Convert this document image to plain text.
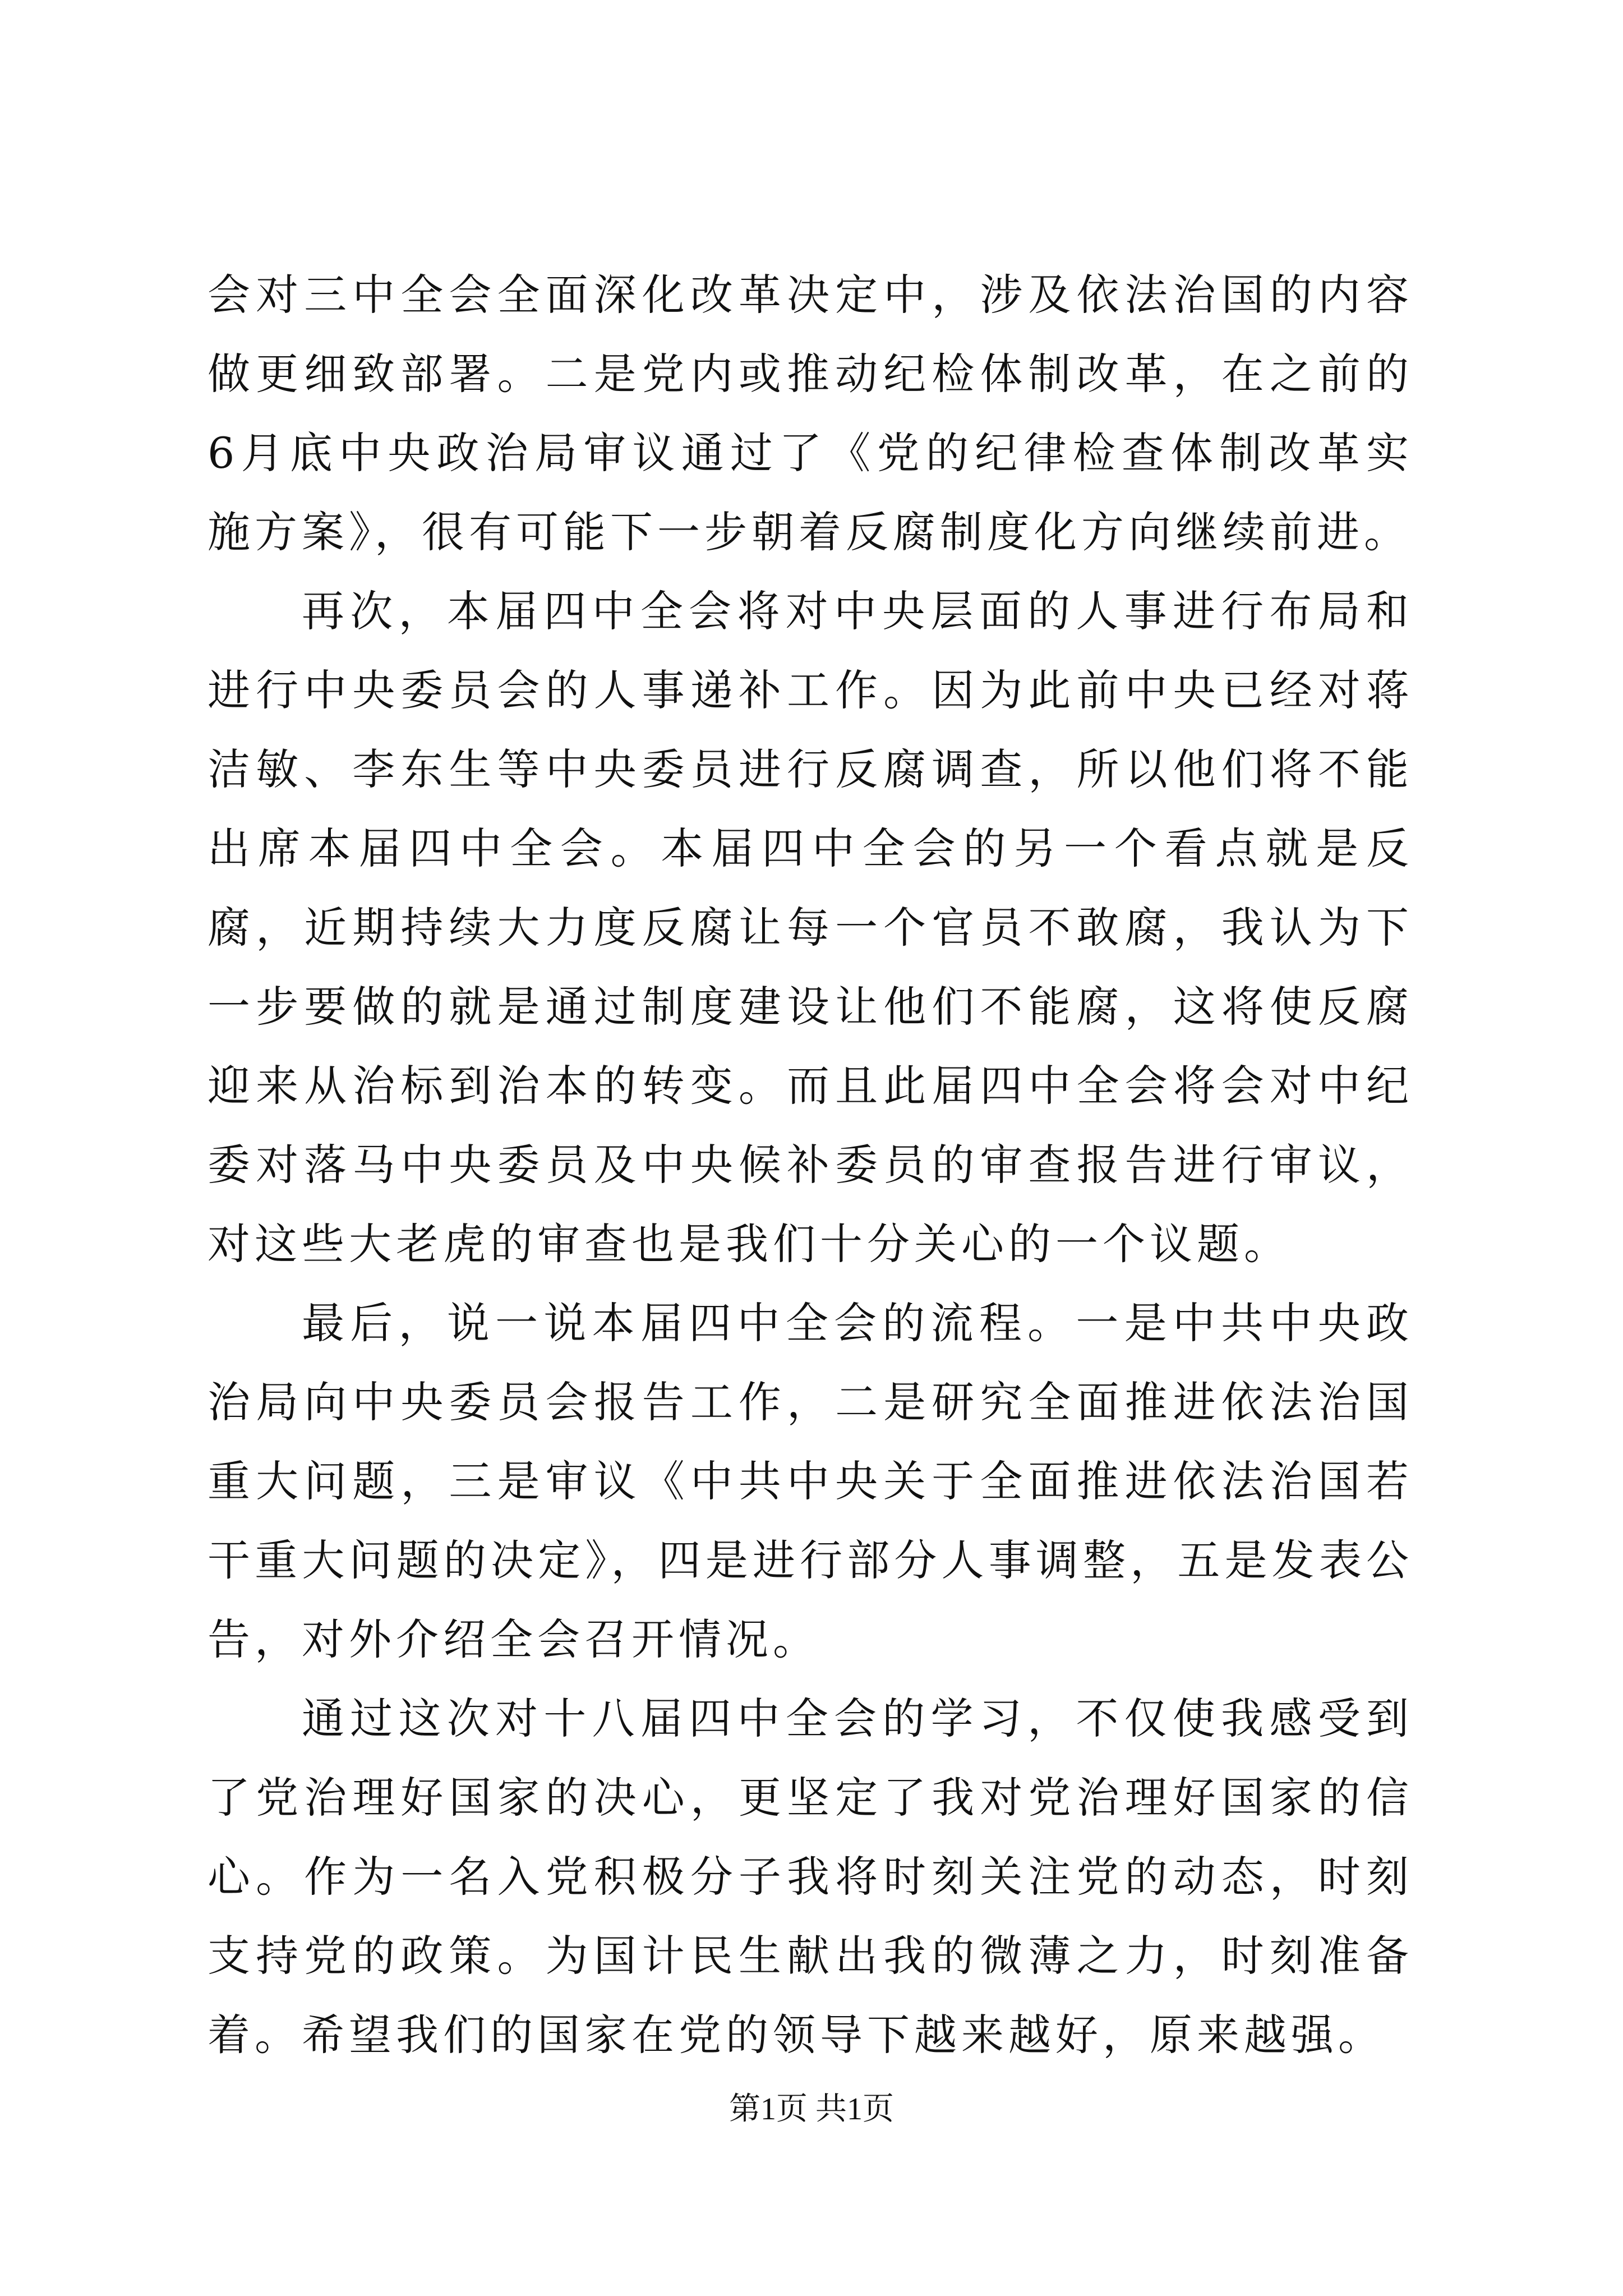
会对三中全会全面深化改革决定中，涉及依法治国的内容做更细致部署。二是党内或推动纪检体制改革，在之前的6月底中央政治局审议通过了《党的纪律检查体制改革实施方案》，很有可能下一步朝着反腐制度化方向继续前进。

再次，本届四中全会将对中央层面的人事进行布局和进行中央委员会的人事递补工作。因为此前中央已经对蒋洁敏、李东生等中央委员进行反腐调查，所以他们将不能出席本届四中全会。本届四中全会的另一个看点就是反腐，近期持续大力度反腐让每一个官员不敢腐，我认为下一步要做的就是通过制度建设让他们不能腐，这将使反腐迎来从治标到治本的转变。而且此届四中全会将会对中纪委对落马中央委员及中央候补委员的审查报告进行审议，对这些大老虎的审查也是我们十分关心的一个议题。

最后，说一说本届四中全会的流程。一是中共中央政治局向中央委员会报告工作，二是研究全面推进依法治国重大问题，三是审议《中共中央关于全面推进依法治国若干重大问题的决定》，四是进行部分人事调整，五是发表公告，对外介绍全会召开情况。

通过这次对十八届四中全会的学习，不仅使我感受到了党治理好国家的决心，更坚定了我对党治理好国家的信心。作为一名入党积极分子我将时刻关注党的动态，时刻支持党的政策。为国计民生献出我的微薄之力，时刻准备着。希望我们的国家在党的领导下越来越好，原来越强。

第1页 共1页
